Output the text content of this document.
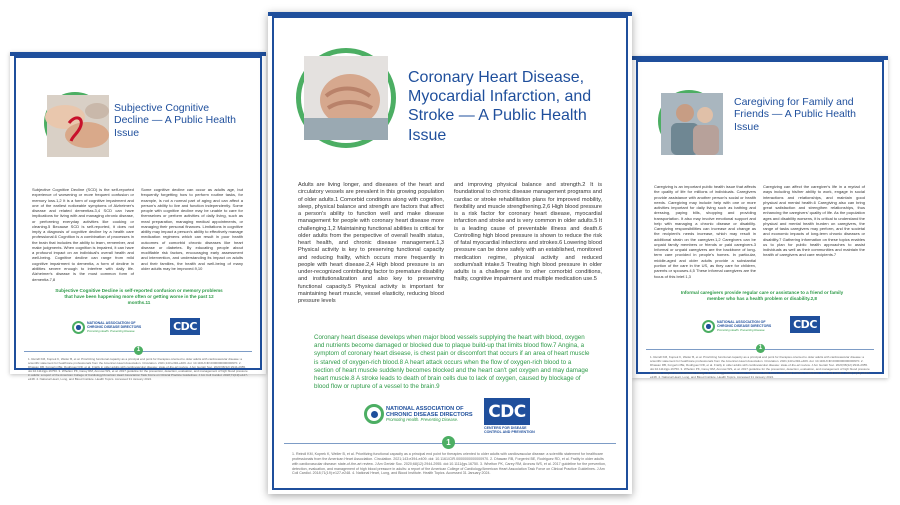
Subjective Cognitive Decline — A Public Health Issue
Subjective Cognitive Decline (SCD) is the self-reported experience of worsening or more frequent confusion or memory loss.1,2 It is a form of cognitive impairment and one of the earliest noticeable symptoms of Alzheimer's disease and related dementias.3,4 SCD can have implications for living with and managing chronic disease, or performing everyday activities like cooking or cleaning.5 Because SCD is self-reported, it does not imply a diagnosis of cognitive decline by a health care professional.6 Cognition is a combination of processes in the brain that includes the ability to learn, remember, and make judgments. When cognition is impaired, it can have a profound impact on an individual's overall health and well-being. Cognitive decline can range from mild cognitive impairment to dementia, a form of decline in abilities severe enough to interfere with daily life. Alzheimer's disease is the most common form of dementia.7,8
Some cognitive decline can occur as adults age, but frequently forgetting how to perform routine tasks, for example, is not a normal part of aging and can affect a person's ability to live and function independently. Some people with cognitive decline may be unable to care for themselves or perform activities of daily living, such as meal preparation, managing medical appointments, or managing their personal finances. Limitations in cognitive ability may impact a person's ability to effectively manage medication regimens which can result in poor health outcomes of comorbid chronic diseases like heart disease or diabetes. By educating people about modifiable risk factors, encouraging early assessment and intervention, and understanding its impact on adults and their families, the health and well-being of many older adults may be improved.9,10
Subjective Cognitive Decline is self-reported confusion or memory problems that have been happening more often or getting worse in the past 12 months.11
NATIONAL ASSOCIATION OF
CHRONIC DISEASE DIRECTORS
Promoting Health. Preventing Disease.	CDC
1
1. Reindl KM, Koprek K, Weiler B, et al. Prioritizing functional capacity as a principal end point for therapies oriented to older adults with cardiovascular disease: a scientific statement for healthcare professionals from the American Heart Association. Circulation. 2021;143:e394-e409. doi: 10.1161/CIR.0000000000000970. 2. Dhawan RB, Forgerini BE, Rodriguez RD, et al. Frailty in older adults with cardiovascular disease: state-of-the-art review. J Am Geriatr Soc. 2020;68(12):2944-2955. doi:10.1111/jgs.16750. 3. Whelton PK, Carey RM, Aronow WS, et al. 2017 guideline for the prevention, detection, evaluation, and management of high blood pressure in adults: a report of the American College of Cardiology/American Heart Association Task Force on Clinical Practice Guidelines. J Am Coll Cardiol. 2018;71(19):e127-e248. 4. National Heart, Lung, and Blood Institute. Health Topics. Accessed 31 January 2024.
Caregiving for Family and Friends — A Public Health Issue
Caregiving is an important public health issue that affects the quality of life for millions of individuals. Caregivers provide assistance with another person's social or health needs. Caregiving may include help with one or more activities important for daily living such as bathing and dressing, paying bills, shopping and providing transportation. It also may involve emotional support and help with managing a chronic disease or disability. Caregiving responsibilities can increase and change as the recipient's needs increase, which may result in additional strain on the caregiver.1,2 Caregivers can be unpaid family members or friends or paid caregivers.3 Informal or unpaid caregivers are the backbone of long-term care provided in people's homes. In particular, middle-aged and older adults provide a substantial portion of the care in the US, as they care for children, parents or spouses.4,5 These informal caregivers are the focus of this brief.1,3
Caregiving can affect the caregiver's life in a myriad of ways including his/her ability to work, engage in social interactions and relationships, and maintain good physical and mental health.6 Caregiving also can bring great satisfaction and strengthen relationships, thus enhancing the caregivers' quality of life. As the population ages and disability worsens, it is critical to understand the physical and mental health burden on caregivers, the range of tasks caregivers may perform, and the societal and economic impacts of long-term chronic diseases or disability.7 Gathering information on these topics enables us to plan for public health approaches to assist individuals as well as their communities and maintain the health of caregivers and care recipients.7
Informal caregivers provide regular care or assistance to a friend or family member who has a health problem or disability.2,8
NATIONAL ASSOCIATION OF
CHRONIC DISEASE DIRECTORS
Promoting Health. Preventing Disease.	CDC
1
1. Reindl KM, Koprek K, Weiler B, et al. Prioritizing functional capacity as a principal end point for therapies oriented to older adults with cardiovascular disease: a scientific statement for healthcare professionals from the American Heart Association. Circulation. 2021;143:e394-e409. doi: 10.1161/CIR.0000000000000970. 2. Dhawan RB, Forgerini BE, Rodriguez RD, et al. Frailty in older adults with cardiovascular disease: state-of-the-art review. J Am Geriatr Soc. 2020;68(12):2944-2955. doi:10.1111/jgs.16750. 3. Whelton PK, Carey RM, Aronow WS, et al. 2017 guideline for the prevention, detection, evaluation, and management of high blood pressure in adults: a report of the American College of Cardiology/American Heart Association Task Force on Clinical Practice Guidelines. J Am Coll Cardiol. 2018;71(19):e127-e248. 4. National Heart, Lung, and Blood Institute. Health Topics. Accessed 31 January 2024.
Coronary Heart Disease, Myocardial Infarction, and Stroke — A Public Health Issue
Adults are living longer, and diseases of the heart and circulatory vessels are prevalent in this growing population of older adults.1 Comorbid conditions along with cognition, sleep, physical balance and strength are factors that affect a person's ability to function well and make disease management for people with coronary heart disease more challenging.1,2 Maintaining functional abilities is critical for older adults from the perspective of overall health status, heart health, and chronic disease management.1,3 Physical activity is key to preserving functional capacity and reducing frailty, which occurs more frequently in people with heart disease.2,4 High blood pressure is an under-recognized contributing factor to premature disability and institutionalization and also key to preserving functional capacity.5 Physical activity is important for maintaining heart muscle, vessel elasticity, reducing blood pressure levels
and improving physical balance and strength.2 It is foundational to chronic disease management programs and cardiac or stroke rehabilitation plans for improved mobility, flexibility and muscle strengthening.2,6 High blood pressure is a risk factor for coronary heart disease, myocardial infarction and stroke and is very common in older adults.5 It is a leading cause of preventable illness and death.6 Controlling high blood pressure is shown to reduce the risk of fatal myocardial infarctions and strokes.6 Lowering blood pressure can be done safely with an established, monitored medication regime, physical activity and reduced sodium/salt intake.5 Treating high blood pressure in older adults is a challenge due to other comorbid conditions, frailty, cognitive impairment and multiple medication use.5
Coronary heart disease develops when major blood vessels supplying the heart with blood, oxygen and nutrients become damaged or blocked due to plaque build-up that limits blood flow.7 Angina, a symptom of coronary heart disease, is chest pain or discomfort that occurs if an area of heart muscle is starved of oxygen-rich blood.8 A heart attack occurs when the flow of oxygen-rich blood to a section of heart muscle suddenly becomes blocked and the heart can't get oxygen and may damage heart muscle.8 A stroke leads to death of brain cells due to lack of oxygen, caused by blockage of blood flow or rupture of a vessel to the brain.9
NATIONAL ASSOCIATION OF
CHRONIC DISEASE DIRECTORS
Promoting Health. Preventing Disease.	CDC
CENTERS FOR DISEASE
CONTROL AND PREVENTION
1
1. Reindl KM, Koprek K, Weiler B, et al. Prioritizing functional capacity as a principal end point for therapies oriented to older adults with cardiovascular disease: a scientific statement for healthcare professionals from the American Heart Association. Circulation. 2021;143:e394-e409. doi: 10.1161/CIR.0000000000000970. 2. Dhawan RB, Forgerini BE, Rodriguez RD, et al. Frailty in older adults with cardiovascular disease: state-of-the-art review. J Am Geriatr Soc. 2020;68(12):2944-2955. doi:10.1111/jgs.16750. 3. Whelton PK, Carey RM, Aronow WS, et al. 2017 guideline for the prevention, detection, evaluation, and management of high blood pressure in adults: a report of the American College of Cardiology/American Heart Association Task Force on Clinical Practice Guidelines. J Am Coll Cardiol. 2018;71(19):e127-e248. 4. National Heart, Lung, and Blood Institute. Health Topics. Accessed 31 January 2024.
